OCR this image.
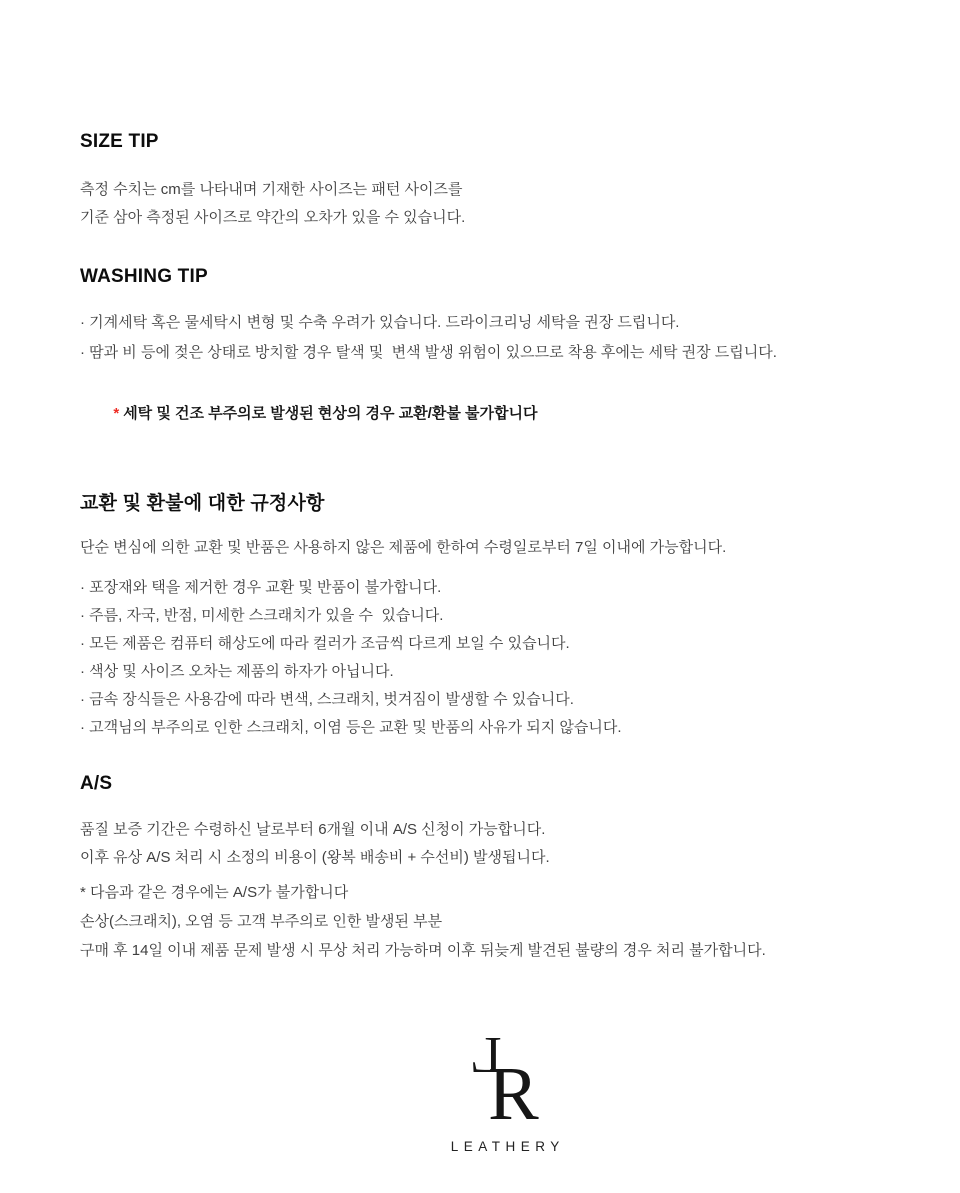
SIZE TIP
측정 수치는 cm를 나타내며 기재한 사이즈는 패턴 사이즈를
기준 삼아 측정된 사이즈로 약간의 오차가 있을 수 있습니다.
WASHING TIP
· 기계세탁 혹은 물세탁시 변형 및 수축 우려가 있습니다. 드라이크리닝 세탁을 권장 드립니다.
· 땀과 비 등에 젖은 상태로 방치할 경우 탈색 및  변색 발생 위험이 있으므로 착용 후에는 세탁 권장 드립니다.

* 세탁 및 건조 부주의로 발생된 현상의 경우 교환/환불 불가합니다

교환 및 환불에 대한 규정사항
단순 변심에 의한 교환 및 반품은 사용하지 않은 제품에 한하여 수령일로부터 7일 이내에 가능합니다.
· 포장재와 택을 제거한 경우 교환 및 반품이 불가합니다.
· 주름, 자국, 반점, 미세한 스크래치가 있을 수  있습니다.
· 모든 제품은 컴퓨터 해상도에 따라 컬러가 조금씩 다르게 보일 수 있습니다.
· 색상 및 사이즈 오차는 제품의 하자가 아닙니다.
· 금속 장식들은 사용감에 따라 변색, 스크래치, 벗겨짐이 발생할 수 있습니다.
· 고객님의 부주의로 인한 스크래치, 이염 등은 교환 및 반품의 사유가 되지 않습니다.
A/S
품질 보증 기간은 수령하신 날로부터 6개월 이내 A/S 신청이 가능합니다.
이후 유상 A/S 처리 시 소정의 비용이 (왕복 배송비 + 수선비) 발생됩니다.
* 다음과 같은 경우에는 A/S가 불가합니다
손상(스크래치), 오염 등 고객 부주의로 인한 발생된 부분
구매 후 14일 이내 제품 문제 발생 시 무상 처리 가능하며 이후 뒤늦게 발견된 불량의 경우 처리 불가합니다.
L
R
LEATHERY
